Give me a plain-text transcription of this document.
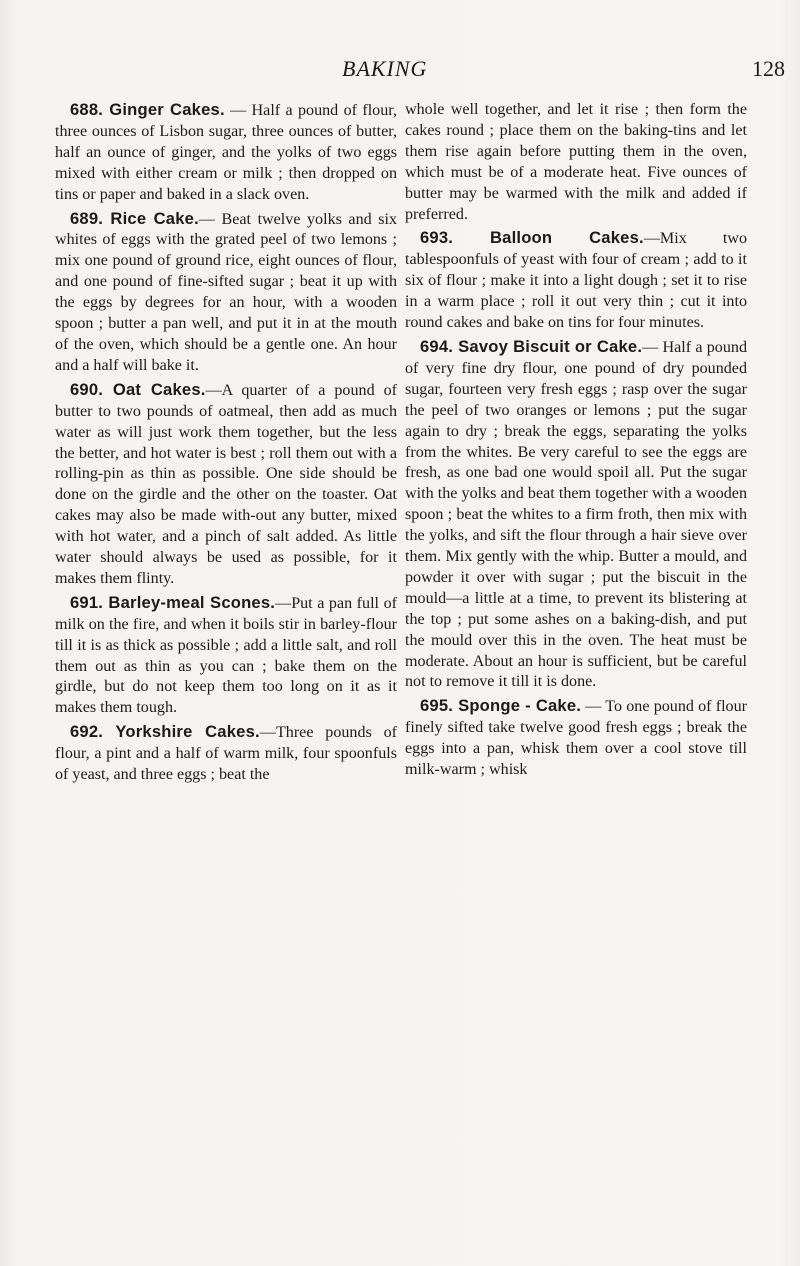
BAKING	128

688. Ginger Cakes. — Half a pound of flour, three ounces of Lisbon sugar, three ounces of butter, half an ounce of ginger, and the yolks of two eggs mixed with either cream or milk ; then dropped on tins or paper and baked in a slack oven.

689. Rice Cake.— Beat twelve yolks and six whites of eggs with the grated peel of two lemons ; mix one pound of ground rice, eight ounces of flour, and one pound of fine-sifted sugar ; beat it up with the eggs by degrees for an hour, with a wooden spoon ; butter a pan well, and put it in at the mouth of the oven, which should be a gentle one. An hour and a half will bake it.

690. Oat Cakes.—A quarter of a pound of butter to two pounds of oatmeal, then add as much water as will just work them together, but the less the better, and hot water is best ; roll them out with a rolling-pin as thin as possible. One side should be done on the girdle and the other on the toaster. Oat cakes may also be made with-out any butter, mixed with hot water, and a pinch of salt added. As little water should always be used as possible, for it makes them flinty.

691. Barley-meal Scones.—Put a pan full of milk on the fire, and when it boils stir in barley-flour till it is as thick as possible ; add a little salt, and roll them out as thin as you can ; bake them on the girdle, but do not keep them too long on it as it makes them tough.

692. Yorkshire Cakes.—Three pounds of flour, a pint and a half of warm milk, four spoonfuls of yeast, and three eggs ; beat the

whole well together, and let it rise ; then form the cakes round ; place them on the baking-tins and let them rise again before putting them in the oven, which must be of a moderate heat. Five ounces of butter may be warmed with the milk and added if preferred.

693. Balloon Cakes.—Mix two tablespoonfuls of yeast with four of cream ; add to it six of flour ; make it into a light dough ; set it to rise in a warm place ; roll it out very thin ; cut it into round cakes and bake on tins for four minutes.

694. Savoy Biscuit or Cake.— Half a pound of very fine dry flour, one pound of dry pounded sugar, fourteen very fresh eggs ; rasp over the sugar the peel of two oranges or lemons ; put the sugar again to dry ; break the eggs, separating the yolks from the whites. Be very careful to see the eggs are fresh, as one bad one would spoil all. Put the sugar with the yolks and beat them together with a wooden spoon ; beat the whites to a firm froth, then mix with the yolks, and sift the flour through a hair sieve over them. Mix gently with the whip. Butter a mould, and powder it over with sugar ; put the biscuit in the mould—a little at a time, to prevent its blistering at the top ; put some ashes on a baking-dish, and put the mould over this in the oven. The heat must be moderate. About an hour is sufficient, but be careful not to remove it till it is done.

695. Sponge - Cake. — To one pound of flour finely sifted take twelve good fresh eggs ; break the eggs into a pan, whisk them over a cool stove till milk-warm ; whisk
